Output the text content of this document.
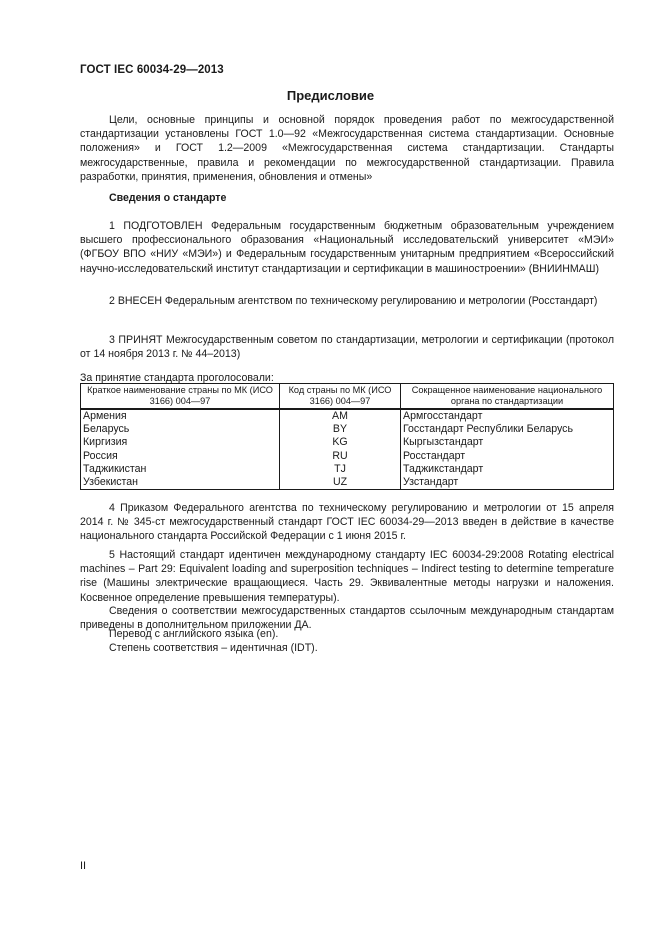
ГОСТ IEC 60034-29—2013
Предисловие

Цели, основные принципы и основной порядок проведения работ по межгосударственной стандартизации установлены ГОСТ 1.0—92 «Межгосударственная система стандартизации. Основные положения» и ГОСТ 1.2—2009 «Межгосударственная система стандартизации. Стандарты межгосударственные, правила и рекомендации по межгосударственной стандартизации. Правила разработки, принятия, применения, обновления и отмены»

Сведения о стандарте

1 ПОДГОТОВЛЕН Федеральным государственным бюджетным образовательным учреждением высшего профессионального образования «Национальный исследовательский университет «МЭИ» (ФГБОУ ВПО «НИУ «МЭИ») и Федеральным государственным унитарным предприятием «Всероссийский научно-исследовательский институт стандартизации и сертификации в машиностроении» (ВНИИНМАШ)

2 ВНЕСЕН Федеральным агентством по техническому регулированию и метрологии (Росстандарт)

3 ПРИНЯТ Межгосударственным советом по стандартизации, метрологии и сертификации (протокол от 14 ноября 2013 г. № 44–2013)

За принятие стандарта проголосовали:
Краткое наименование страны по МК (ИСО 3166) 004—97	Код страны по МК (ИСО 3166) 004—97	Сокращенное наименование национального органа по стандартизации
Армения	AM	Армгосстандарт
Беларусь	BY	Госстандарт Республики Беларусь
Киргизия	KG	Кыргызстандарт
Россия	RU	Росстандарт
Таджикистан	TJ	Таджикстандарт
Узбекистан	UZ	Узстандарт

4 Приказом Федерального агентства по техническому регулированию и метрологии от 15 апреля 2014 г. № 345-ст межгосударственный стандарт ГОСТ IEC 60034-29—2013 введен в действие в качестве национального стандарта Российской Федерации с 1 июня 2015 г.

5 Настоящий стандарт идентичен международному стандарту IEC 60034-29:2008 Rotating electrical machines – Part 29: Equivalent loading and superposition techniques – Indirect testing to determine temperature rise (Машины электрические вращающиеся. Часть 29. Эквивалентные методы нагрузки и наложения. Косвенное определение превышения температуры).

Сведения о соответствии межгосударственных стандартов ссылочным международным стандартам приведены в дополнительном приложении ДА.

Перевод с английского языка (en).
Степень соответствия – идентичная (IDT).
II
